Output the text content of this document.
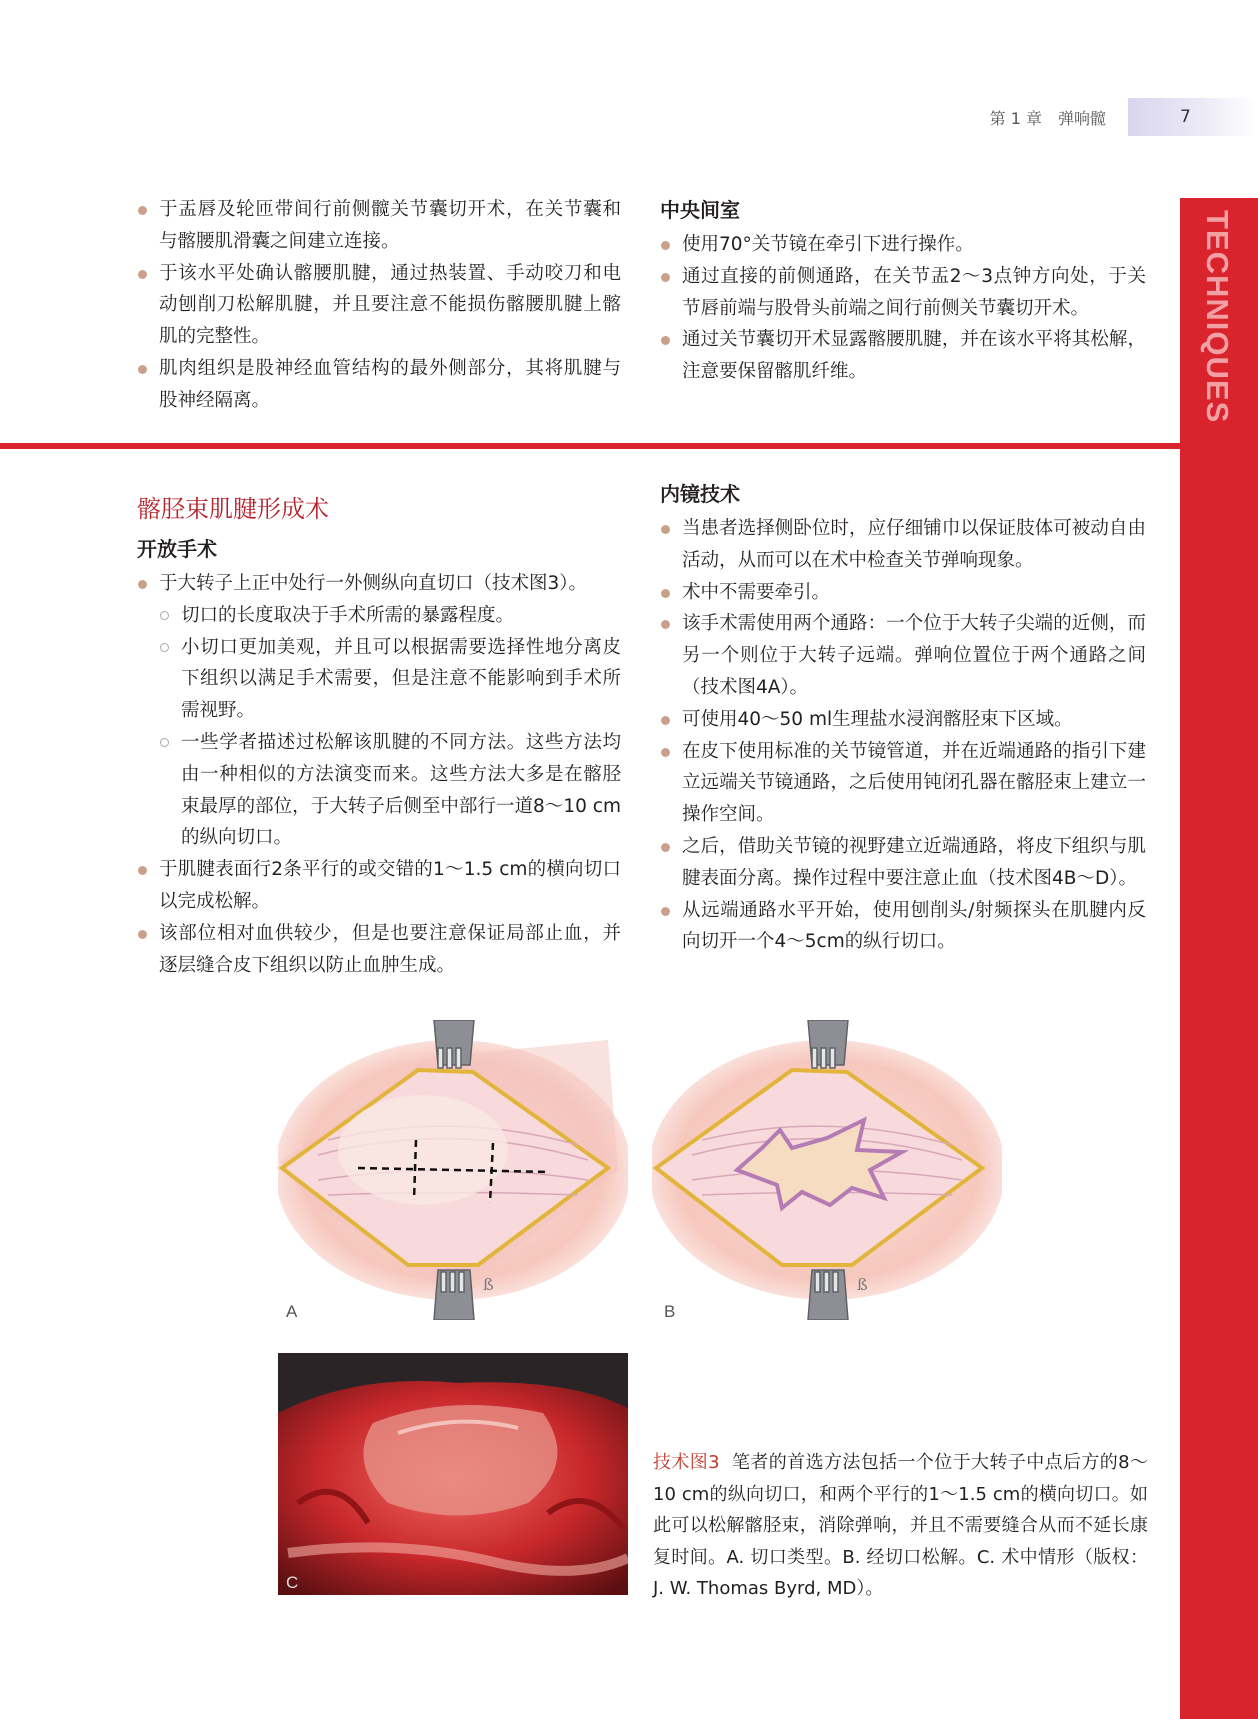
第 1 章　弹响髋	7
TECHNIQUES
于盂唇及轮匝带间行前侧髋关节囊切开术，在关节囊和与髂腰肌滑囊之间建立连接。
于该水平处确认髂腰肌腱，通过热装置、手动咬刀和电动刨削刀松解肌腱，并且要注意不能损伤髂腰肌腱上髂肌的完整性。
肌肉组织是股神经血管结构的最外侧部分，其将肌腱与股神经隔离。
中央间室
使用70°关节镜在牵引下进行操作。
通过直接的前侧通路，在关节盂2～3点钟方向处，于关节唇前端与股骨头前端之间行前侧关节囊切开术。
通过关节囊切开术显露髂腰肌腱，并在该水平将其松解，注意要保留髂肌纤维。
髂胫束肌腱形成术
开放手术
于大转子上正中处行一外侧纵向直切口（技术图3）。
切口的长度取决于手术所需的暴露程度。
小切口更加美观，并且可以根据需要选择性地分离皮下组织以满足手术需要，但是注意不能影响到手术所需视野。
一些学者描述过松解该肌腱的不同方法。这些方法均由一种相似的方法演变而来。这些方法大多是在髂胫束最厚的部位，于大转子后侧至中部行一道8～10 cm的纵向切口。
于肌腱表面行2条平行的或交错的1～1.5 cm的横向切口以完成松解。
该部位相对血供较少，但是也要注意保证局部止血，并逐层缝合皮下组织以防止血肿生成。
内镜技术
当患者选择侧卧位时，应仔细铺巾以保证肢体可被动自由活动，从而可以在术中检查关节弹响现象。
术中不需要牵引。
该手术需使用两个通路：一个位于大转子尖端的近侧，而另一个则位于大转子远端。弹响位置位于两个通路之间（技术图4A）。
可使用40～50 ml生理盐水浸润髂胫束下区域。
在皮下使用标准的关节镜管道，并在近端通路的指引下建立远端关节镜通路，之后使用钝闭孔器在髂胫束上建立一操作空间。
之后，借助关节镜的视野建立近端通路，将皮下组织与肌腱表面分离。操作过程中要注意止血（技术图4B～D）。
从远端通路水平开始，使用刨削头/射频探头在肌腱内反向切开一个4～5cm的纵行切口。
ß
A
ß
B
C
技术图3 笔者的首选方法包括一个位于大转子中点后方的8～10 cm的纵向切口，和两个平行的1～1.5 cm的横向切口。如此可以松解髂胫束，消除弹响，并且不需要缝合从而不延长康复时间。A. 切口类型。B. 经切口松解。C. 术中情形（版权：J. W. Thomas Byrd, MD）。
